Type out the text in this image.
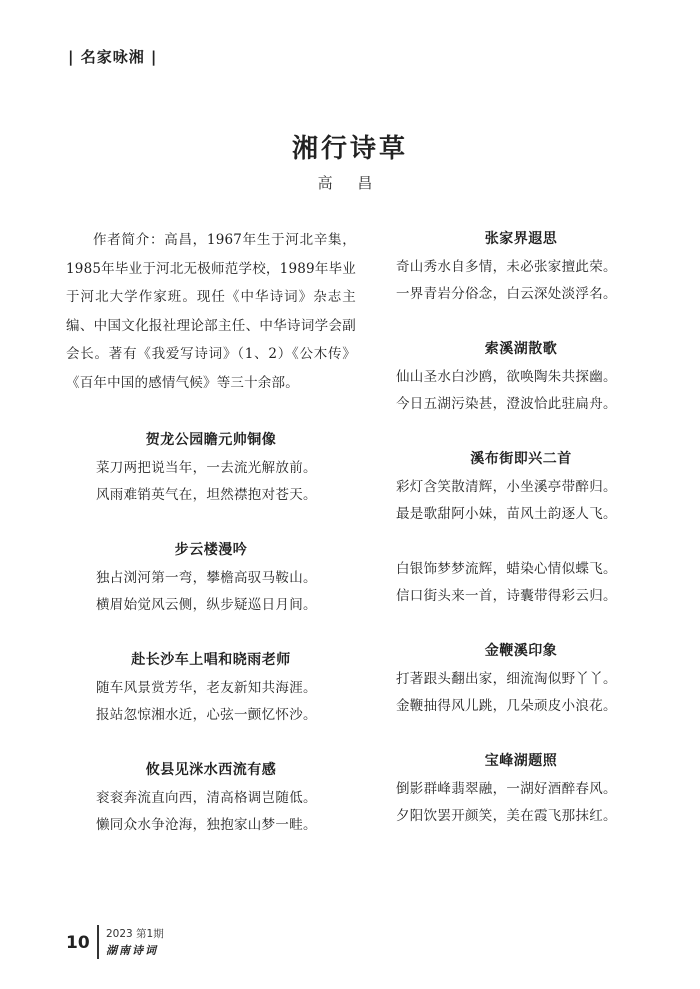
| 名家咏湘 |
湘行诗草
高 昌

作者简介：高昌，1967年生于河北辛集，1985年毕业于河北无极师范学校，1989年毕业于河北大学作家班。现任《中华诗词》杂志主编、中国文化报社理论部主任、中华诗词学会副会长。著有《我爱写诗词》（1、2）《公木传》《百年中国的感情气候》等三十余部。

贺龙公园瞻元帅铜像
菜刀两把说当年，一去流光解放前。
风雨难销英气在，坦然襟抱对苍天。
步云楼漫吟
独占浏河第一弯，攀檐高驭马鞍山。
横眉始觉风云侧，纵步疑巡日月间。
赴长沙车上唱和晓雨老师
随车风景赏芳华，老友新知共海涯。
报站忽惊湘水近，心弦一颤忆怀沙。
攸县见洣水西流有感
衮衮奔流直向西，清高格调岂随低。
懒同众水争沧海，独抱家山梦一畦。
张家界遐思
奇山秀水自多情，未必张家擅此荣。
一界青岩分俗念，白云深处淡浮名。
索溪湖散歌
仙山圣水白沙鸥，欲唤陶朱共探幽。
今日五湖污染甚，澄波恰此驻扁舟。
溪布街即兴二首
彩灯含笑散清辉，小坐溪亭带醉归。
最是歌甜阿小妹，苗风土韵逐人飞。
白银饰梦梦流辉，蜡染心情似蝶飞。
信口街头来一首，诗囊带得彩云归。
金鞭溪印象
打著跟头翻出家，细流淘似野丫丫。
金鞭抽得风儿跳，几朵顽皮小浪花。
宝峰湖题照
倒影群峰翡翠融，一湖好酒醉春风。
夕阳饮罢开颜笑，美在霞飞那抹红。
10 2023 第1期
湖南诗词
